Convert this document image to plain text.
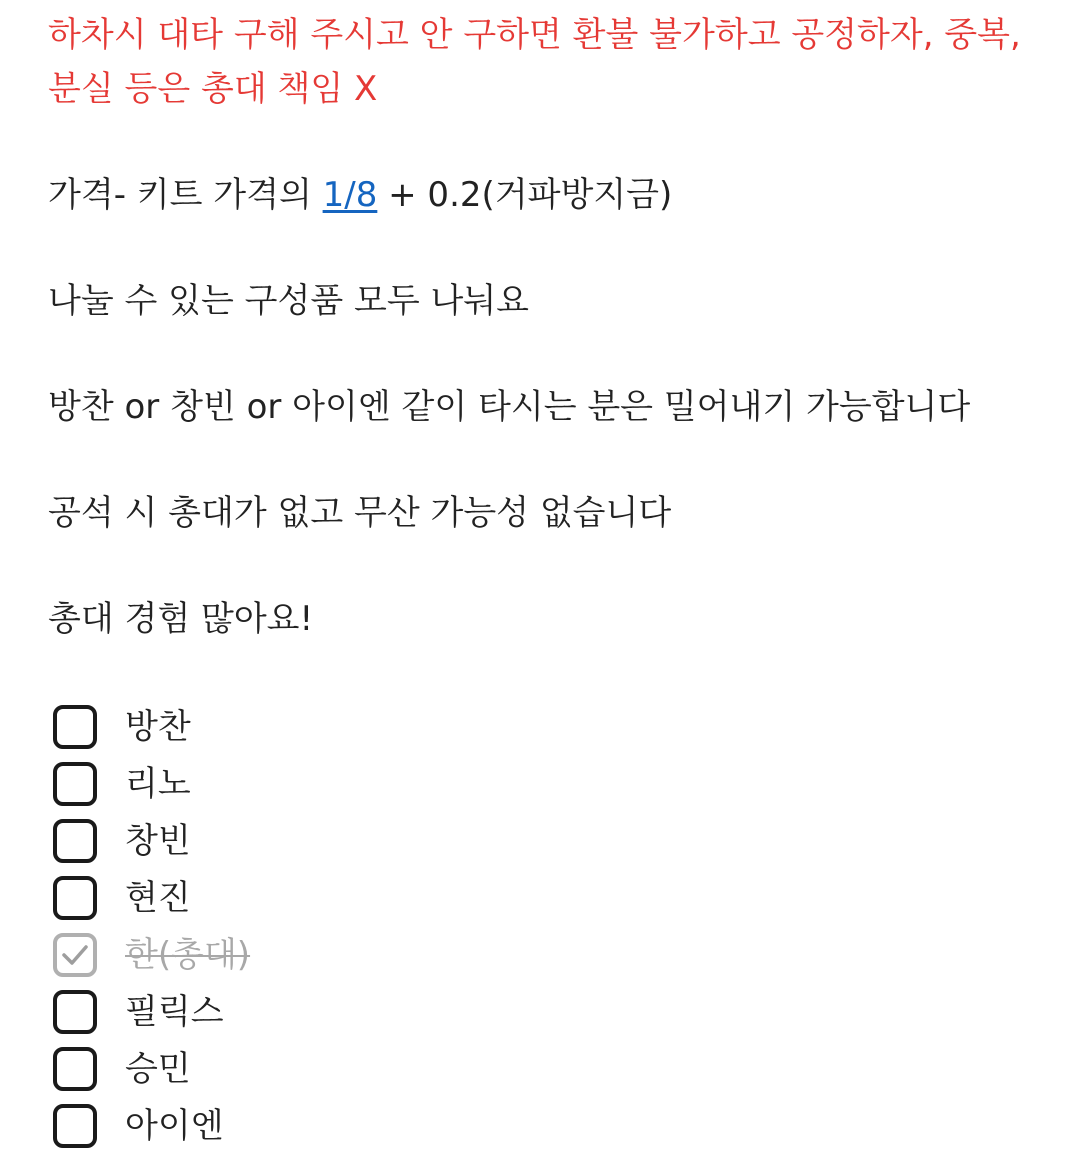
하차시 대타 구해 주시고 안 구하면 환불 불가하고 공정하자, 중복, 분실 등은 총대 책임 X

가격- 키트 가격의 1/8 + 0.2(거파방지금)

나눌 수 있는 구성품 모두 나눠요

방찬 or 창빈 or 아이엔 같이 타시는 분은 밀어내기 가능합니다

공석 시 총대가 없고 무산 가능성 없습니다

총대 경험 많아요!

방찬
리노
창빈
현진
한(총대)
필릭스
승민
아이엔
